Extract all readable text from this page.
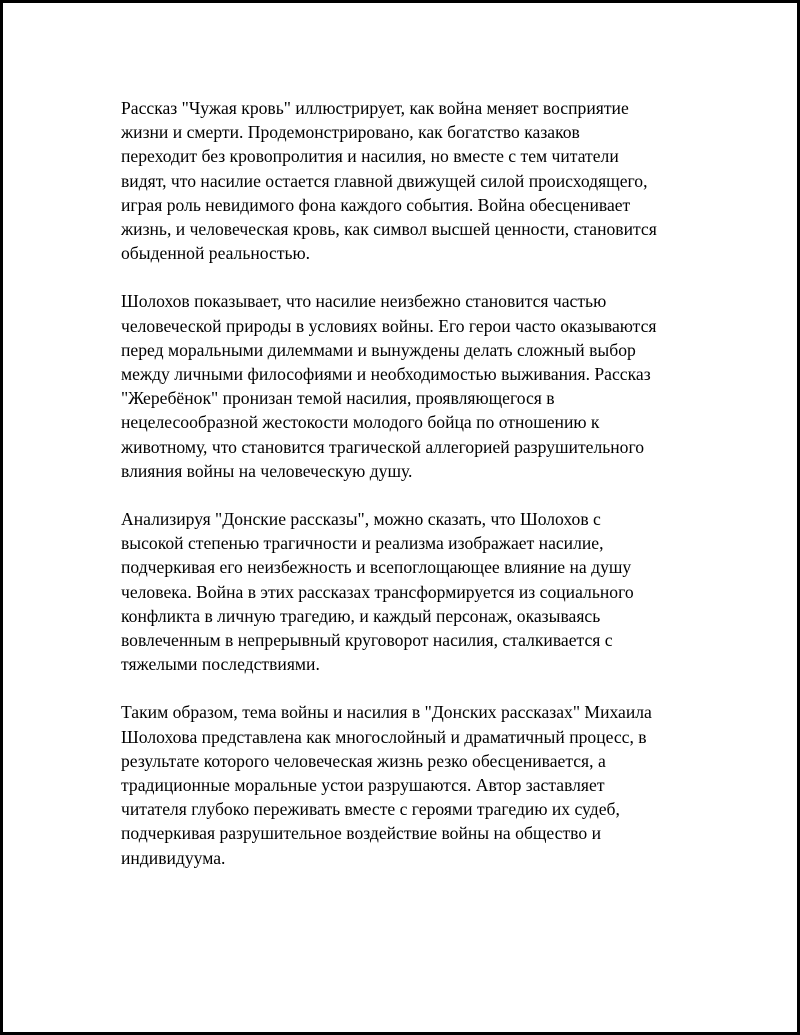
Рассказ "Чужая кровь" иллюстрирует, как война меняет восприятие
жизни и смерти. Продемонстрировано, как богатство казаков
переходит без кровопролития и насилия, но вместе с тем читатели
видят, что насилие остается главной движущей силой происходящего,
играя роль невидимого фона каждого события. Война обесценивает
жизнь, и человеческая кровь, как символ высшей ценности, становится
обыденной реальностью.

Шолохов показывает, что насилие неизбежно становится частью
человеческой природы в условиях войны. Его герои часто оказываются
перед моральными дилеммами и вынуждены делать сложный выбор
между личными философиями и необходимостью выживания. Рассказ
"Жеребёнок" пронизан темой насилия, проявляющегося в
нецелесообразной жестокости молодого бойца по отношению к
животному, что становится трагической аллегорией разрушительного
влияния войны на человеческую душу.

Анализируя "Донские рассказы", можно сказать, что Шолохов с
высокой степенью трагичности и реализма изображает насилие,
подчеркивая его неизбежность и всепоглощающее влияние на душу
человека. Война в этих рассказах трансформируется из социального
конфликта в личную трагедию, и каждый персонаж, оказываясь
вовлеченным в непрерывный круговорот насилия, сталкивается с
тяжелыми последствиями.

Таким образом, тема войны и насилия в "Донских рассказах" Михаила
Шолохова представлена как многослойный и драматичный процесс, в
результате которого человеческая жизнь резко обесценивается, а
традиционные моральные устои разрушаются. Автор заставляет
читателя глубоко переживать вместе с героями трагедию их судеб,
подчеркивая разрушительное воздействие войны на общество и
индивидуума.
